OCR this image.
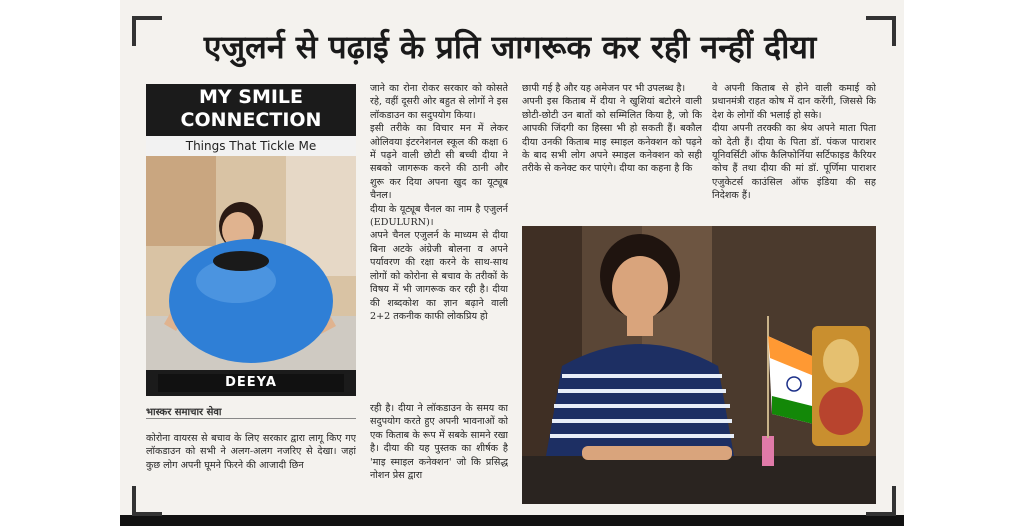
एजुलर्न से पढ़ाई के प्रति जागरूक कर रही नन्हीं दीया
MY SMILE
CONNECTION
Things That Tickle Me
DEEYA
भास्कर समाचार सेवा

कोरोना वायरस से बचाव के लिए सरकार द्वारा लागू किए गए लॉकडाउन को सभी ने अलग-अलग नजरिए से देखा। जहां कुछ लोग अपनी घूमने फिरने की आजादी छिन

जाने का रोना रोकर सरकार को कोसते रहे, वहीं दूसरी ओर बहुत से लोगों ने इस लॉकडाउन का सदुपयोग किया।

इसी तरीके का विचार मन में लेकर ओलिवया इंटरनेशनल स्कूल की कक्षा 6 में पढ़ने वाली छोटी सी बच्ची दीया ने सबको जागरूक करने की ठानी और शुरू कर दिया अपना खुद का यूट्यूब चैनल।

दीया के यूट्यूब चैनल का नाम है एजुलर्न (EDULURN)।

अपने चैनल एजुलर्न के माध्यम से दीया बिना अटके अंग्रेजी बोलना व अपने पर्यावरण की रक्षा करने के साथ-साथ लोगों को कोरोना से बचाव के तरीकों के विषय में भी जागरूक कर रही है। दीया की शब्दकोश का ज्ञान बढ़ाने वाली 2+2 तकनीक काफी लोकप्रिय हो

रही है। दीया ने लॉकडाउन के समय का सदुपयोग करते हुए अपनी भावनाओं को एक किताब के रूप में सबके सामने रखा है। दीया की यह पुस्तक का शीर्षक है 'माइ स्माइल कनेक्शन' जो कि प्रसिद्ध नोशन प्रेस द्वारा

छापी गई है और यह अमेजन पर भी उपलब्ध है।

अपनी इस किताब में दीया ने खुशियां बटोरने वाली छोटी-छोटी उन बातों को सम्मिलित किया है, जो कि आपकी जिंदगी का हिस्सा भी हो सकती हैं। बकौल दीया उनकी किताब माइ स्माइल कनेक्शन को पढ़ने के बाद सभी लोग अपने स्माइल कनेक्शन को सही तरीके से कनेक्ट कर पाएंगे। दीया का कहना है कि

वे अपनी किताब से होने वाली कमाई को प्रधानमंत्री राहत कोष में दान करेंगी, जिससे कि देश के लोगों की भलाई हो सके।

दीया अपनी तरक्की का श्रेय अपने माता पिता को देती हैं। दीया के पिता डॉ. पंकज पाराशर यूनिवर्सिटी ऑफ कैलिफोर्निया सर्टिफाइड कैरियर कोच हैं तथा दीया की मां डॉ. पूर्णिमा पाराशर एजुकेटर्स काउंसिल ऑफ इंडिया की सह निदेशक हैं।
